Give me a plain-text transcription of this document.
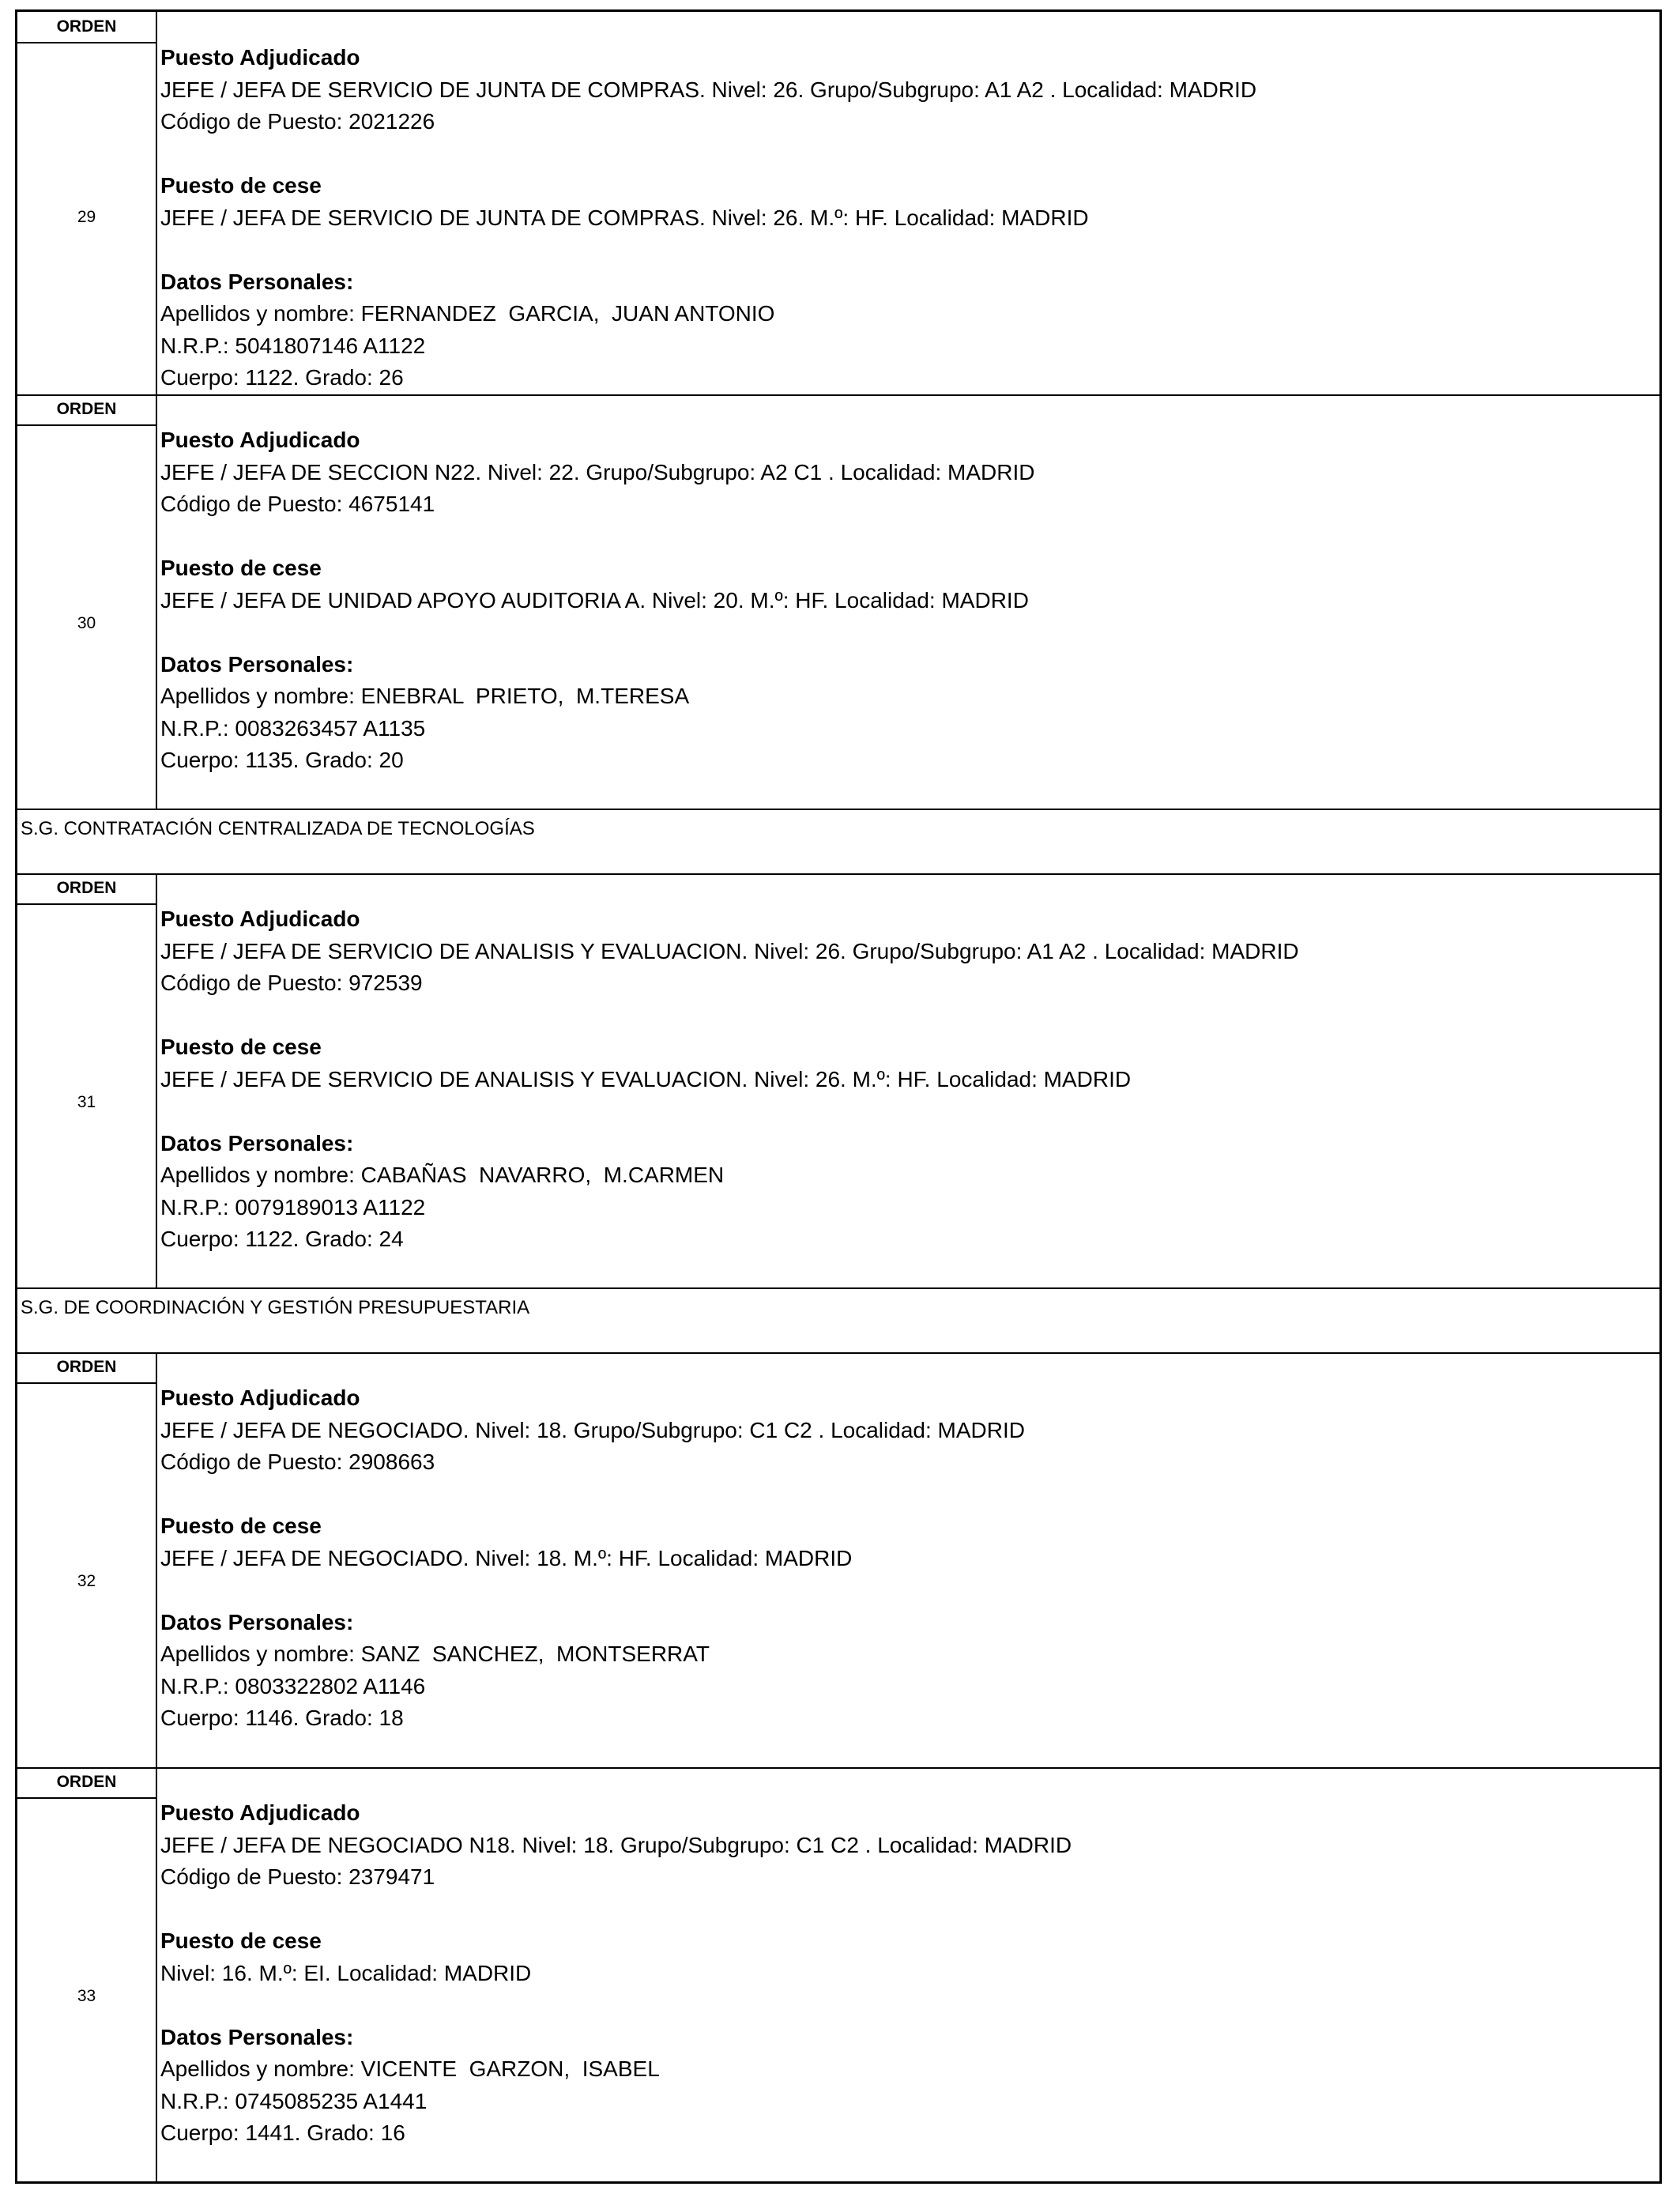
ORDEN
29
Puesto Adjudicado
JEFE / JEFA DE SERVICIO DE JUNTA DE COMPRAS. Nivel: 26. Grupo/Subgrupo: A1 A2 . Localidad: MADRID
Código de Puesto: 2021226
Puesto de cese
JEFE / JEFA DE SERVICIO DE JUNTA DE COMPRAS. Nivel: 26. M.º: HF. Localidad: MADRID
Datos Personales:
Apellidos y nombre: FERNANDEZ  GARCIA,  JUAN ANTONIO
N.R.P.: 5041807146 A1122
Cuerpo: 1122. Grado: 26
ORDEN
30
Puesto Adjudicado
JEFE / JEFA DE SECCION N22. Nivel: 22. Grupo/Subgrupo: A2 C1 . Localidad: MADRID
Código de Puesto: 4675141
Puesto de cese
JEFE / JEFA DE UNIDAD APOYO AUDITORIA A. Nivel: 20. M.º: HF. Localidad: MADRID
Datos Personales:
Apellidos y nombre: ENEBRAL  PRIETO,  M.TERESA
N.R.P.: 0083263457 A1135
Cuerpo: 1135. Grado: 20
S.G. CONTRATACIÓN CENTRALIZADA DE TECNOLOGÍAS
ORDEN
31
Puesto Adjudicado
JEFE / JEFA DE SERVICIO DE ANALISIS Y EVALUACION. Nivel: 26. Grupo/Subgrupo: A1 A2 . Localidad: MADRID
Código de Puesto: 972539
Puesto de cese
JEFE / JEFA DE SERVICIO DE ANALISIS Y EVALUACION. Nivel: 26. M.º: HF. Localidad: MADRID
Datos Personales:
Apellidos y nombre: CABAÑAS  NAVARRO,  M.CARMEN
N.R.P.: 0079189013 A1122
Cuerpo: 1122. Grado: 24
S.G. DE COORDINACIÓN Y GESTIÓN PRESUPUESTARIA
ORDEN
32
Puesto Adjudicado
JEFE / JEFA DE NEGOCIADO. Nivel: 18. Grupo/Subgrupo: C1 C2 . Localidad: MADRID
Código de Puesto: 2908663
Puesto de cese
JEFE / JEFA DE NEGOCIADO. Nivel: 18. M.º: HF. Localidad: MADRID
Datos Personales:
Apellidos y nombre: SANZ  SANCHEZ,  MONTSERRAT
N.R.P.: 0803322802 A1146
Cuerpo: 1146. Grado: 18
ORDEN
33
Puesto Adjudicado
JEFE / JEFA DE NEGOCIADO N18. Nivel: 18. Grupo/Subgrupo: C1 C2 . Localidad: MADRID
Código de Puesto: 2379471
Puesto de cese
Nivel: 16. M.º: EI. Localidad: MADRID
Datos Personales:
Apellidos y nombre: VICENTE  GARZON,  ISABEL
N.R.P.: 0745085235 A1441
Cuerpo: 1441. Grado: 16
